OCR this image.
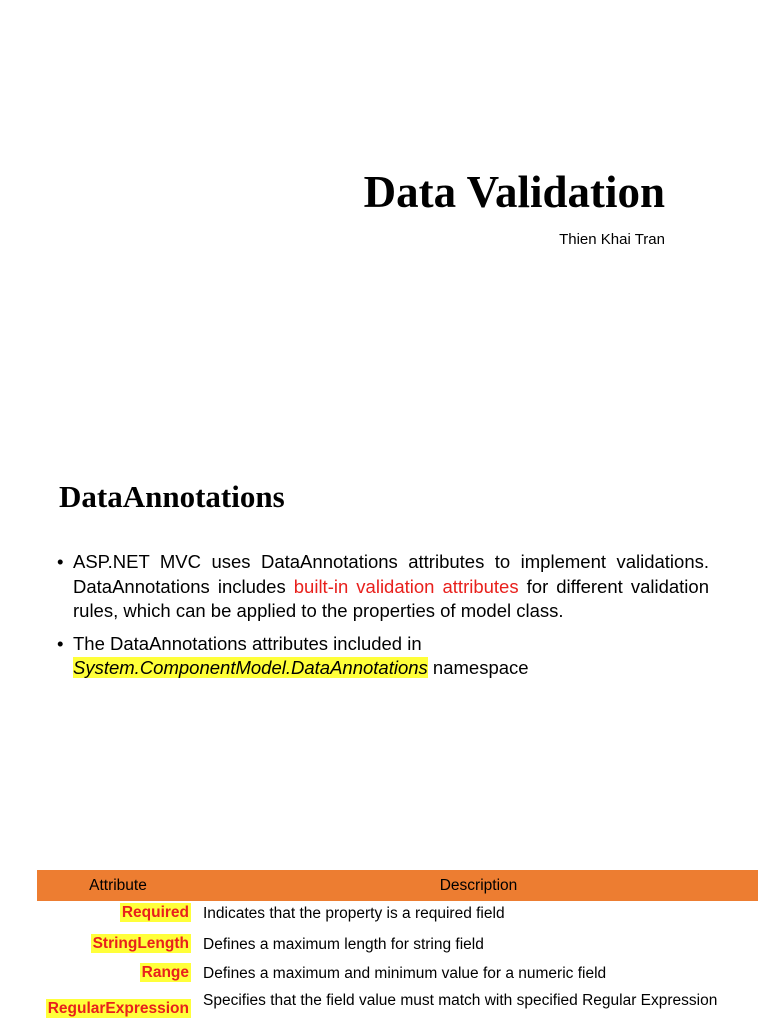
Data Validation
Thien Khai Tran
DataAnnotations
• ASP.NET MVC uses DataAnnotations attributes to implement validations. DataAnnotations includes built-in validation attributes for different validation rules, which can be applied to the properties of model class.
• The DataAnnotations attributes included in
System.ComponentModel.DataAnnotations namespace
Attribute	Description
Required Indicates that the property is a required field
StringLength Defines a maximum length for string field
Range Defines a maximum and minimum value for a numeric field
RegularExpression Specifies that the field value must match with specified Regular Expression
